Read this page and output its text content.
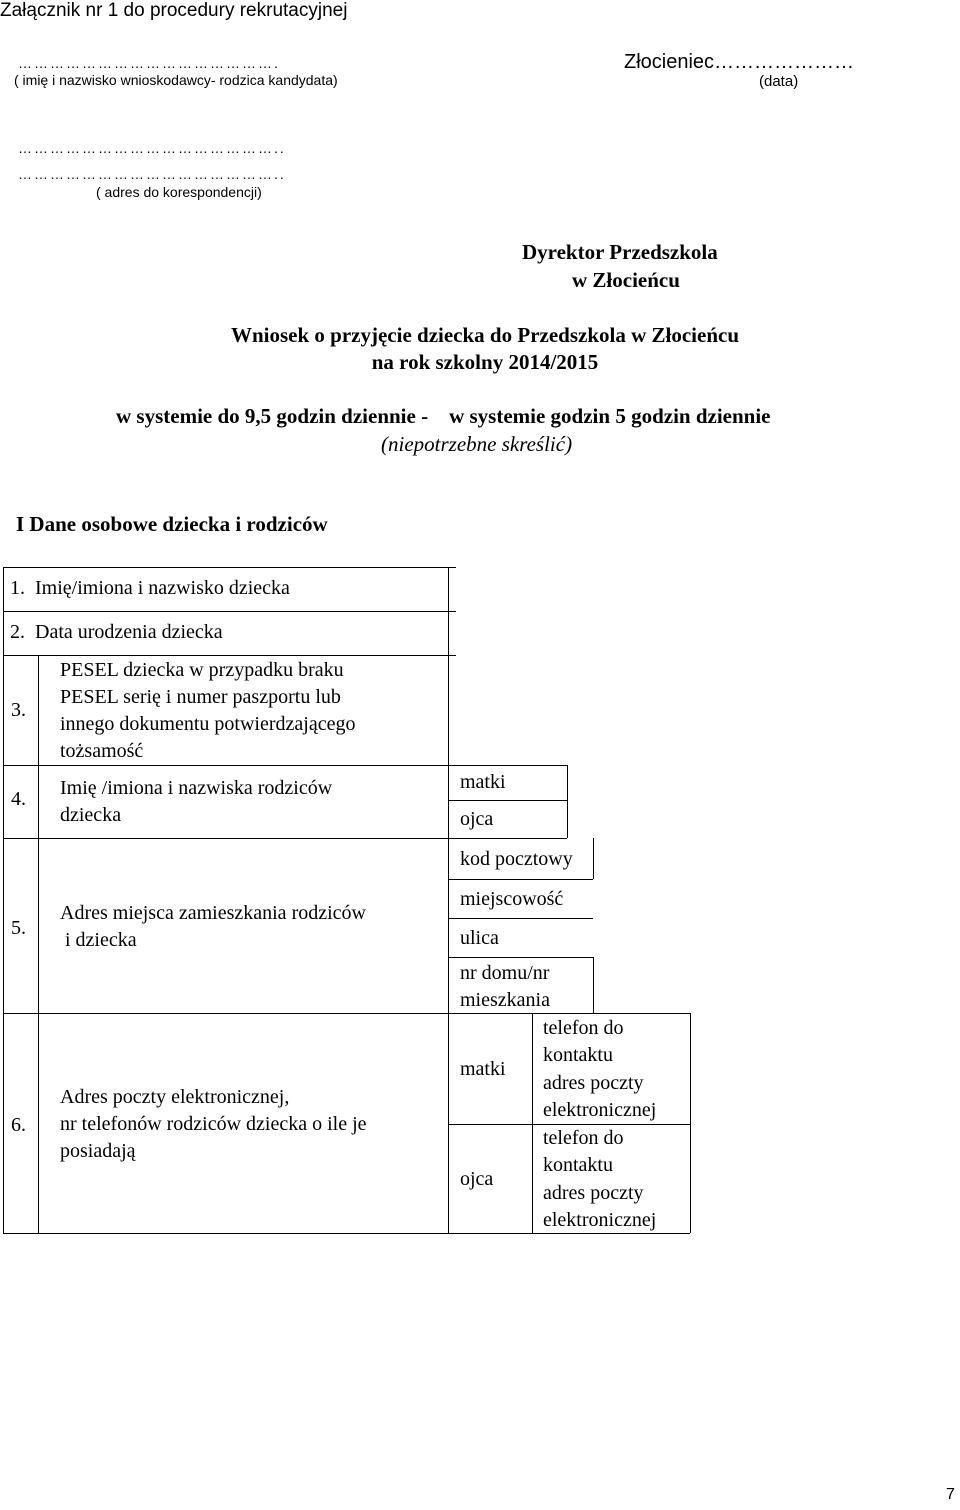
Załącznik nr 1 do procedury rekrutacyjnej
………………………………………….
( imię i nazwisko wnioskodawcy- rodzica kandydata)
Złocieniec…………………
(data)
…………………………………………..
…………………………………………..
( adres do korespondencji)
Dyrektor Przedszkola
w Złocieńcu
Wniosek o przyjęcie dziecka do Przedszkola w Złocieńcu
na rok szkolny 2014/2015
w systemie do 9,5 godzin dziennie -    w systemie godzin 5 godzin dziennie
(niepotrzebne skreślić)
I Dane osobowe dziecka i rodziców
1.  Imię/imiona i nazwisko dziecka
2.  Data urodzenia dziecka
3.
PESEL dziecka w przypadku braku
PESEL serię i numer paszportu lub
innego dokumentu potwierdzającego
tożsamość
4. Imię /imiona i nazwiska rodziców
dziecka
matki
ojca
5.
Adres miejsca zamieszkania rodziców
i dziecka
kod pocztowy
miejscowość
ulica
nr domu/nr
mieszkania
6.
Adres poczty elektronicznej,
nr telefonów rodziców dziecka o ile je
posiadają
matki
ojca
telefon do
kontaktu
adres poczty
elektronicznej
telefon do
kontaktu
adres poczty
elektronicznej
7
